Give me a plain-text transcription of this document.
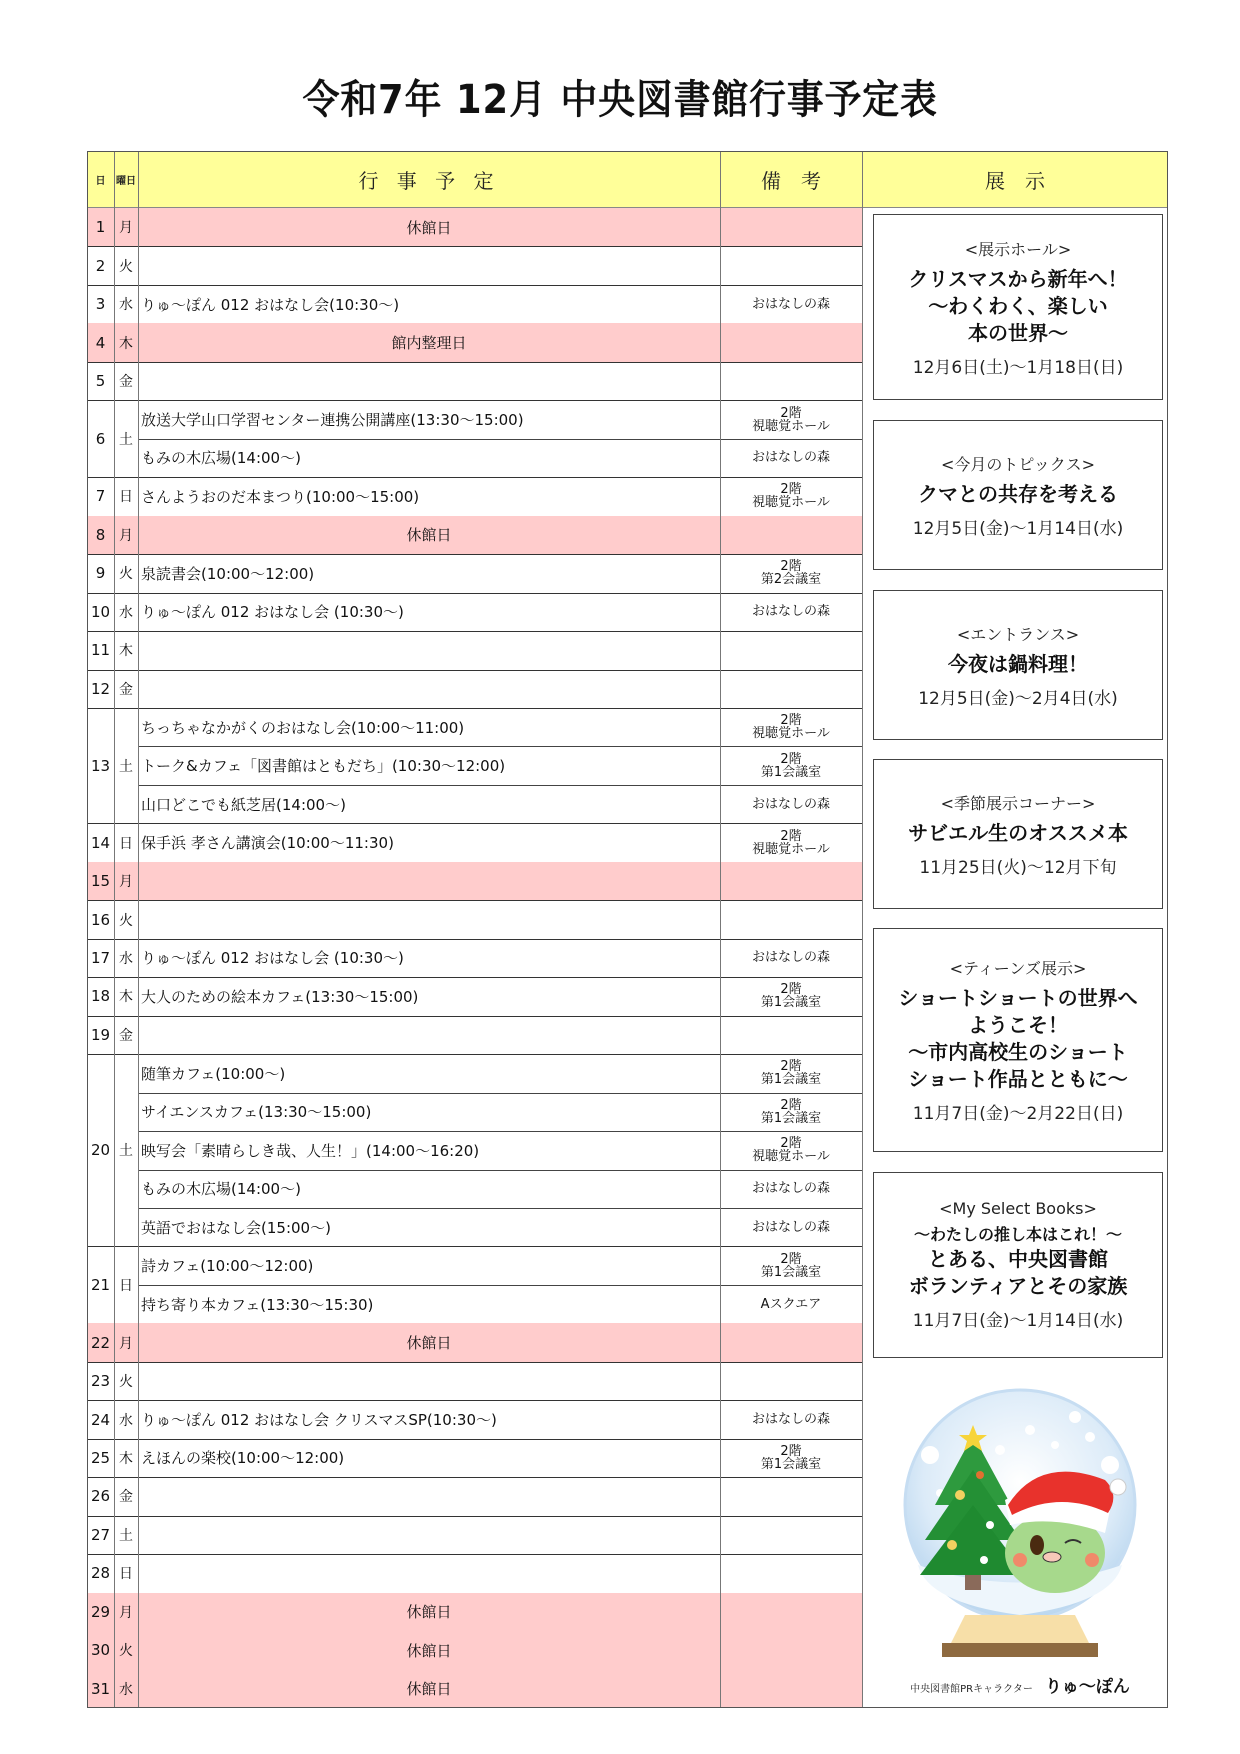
令和7年 12月 中央図書館行事予定表
日	曜日	行 事 予 定	備　考	展　示
1 月	休館日
2 火
3 水 りゅ～ぽん 012 おはなし会(10:30～)	おはなしの森
4 木	館内整理日
5 金
6 土
放送大学山口学習センター連携公開講座(13:30～15:00)	2階
視聴覚ホール
もみの木広場(14:00～)	おはなしの森
7 日 さんようおのだ本まつり(10:00～15:00)	2階
視聴覚ホール
8 月	休館日
9 火 泉読書会(10:00～12:00)	2階
第2会議室
10 水 りゅ～ぽん 012 おはなし会 (10:30～)	おはなしの森
11 木
12 金
13 土
ちっちゃなかがくのおはなし会(10:00～11:00)	2階
視聴覚ホール
トーク&カフェ「図書館はともだち」(10:30～12:00)	2階
第1会議室
山口どこでも紙芝居(14:00～)	おはなしの森
14 日 保手浜 孝さん講演会(10:00～11:30)	2階
視聴覚ホール
15 月
16 火
17 水 りゅ～ぽん 012 おはなし会 (10:30～)	おはなしの森
18 木 大人のための絵本カフェ(13:30～15:00)	2階
第1会議室
19 金
20 土
随筆カフェ(10:00～)	2階
第1会議室
サイエンスカフェ(13:30～15:00)	2階
第1会議室
映写会「素晴らしき哉、人生！」(14:00～16:20)	2階
視聴覚ホール
もみの木広場(14:00～)	おはなしの森
英語でおはなし会(15:00～)	おはなしの森
21 日
詩カフェ(10:00～12:00)	2階
第1会議室
持ち寄り本カフェ(13:30～15:30)	Aスクエア
22 月	休館日
23 火
24 水 りゅ～ぽん 012 おはなし会 クリスマスSP(10:30～)	おはなしの森
25 木 えほんの楽校(10:00～12:00)	2階
第1会議室
26 金
27 土
28 日
29 月	休館日
30 火	休館日
31 水	休館日
<展示ホール>
クリスマスから新年へ！
～わくわく、楽しい
本の世界～
12月6日(土)～1月18日(日)
<今月のトピックス>
クマとの共存を考える
12月5日(金)～1月14日(水)
<エントランス>
今夜は鍋料理！
12月5日(金)～2月4日(水)
<季節展示コーナー>
サビエル生のオススメ本
11月25日(火)～12月下旬
<ティーンズ展示>
ショートショートの世界へ
ようこそ！
～市内高校生のショート
ショート作品とともに～
11月7日(金)～2月22日(日)
<My Select Books>
～わたしの推し本はこれ！～
とある、中央図書館
ボランティアとその家族
11月7日(金)～1月14日(水)
中央図書館PRキャラクター りゅ～ぽん
